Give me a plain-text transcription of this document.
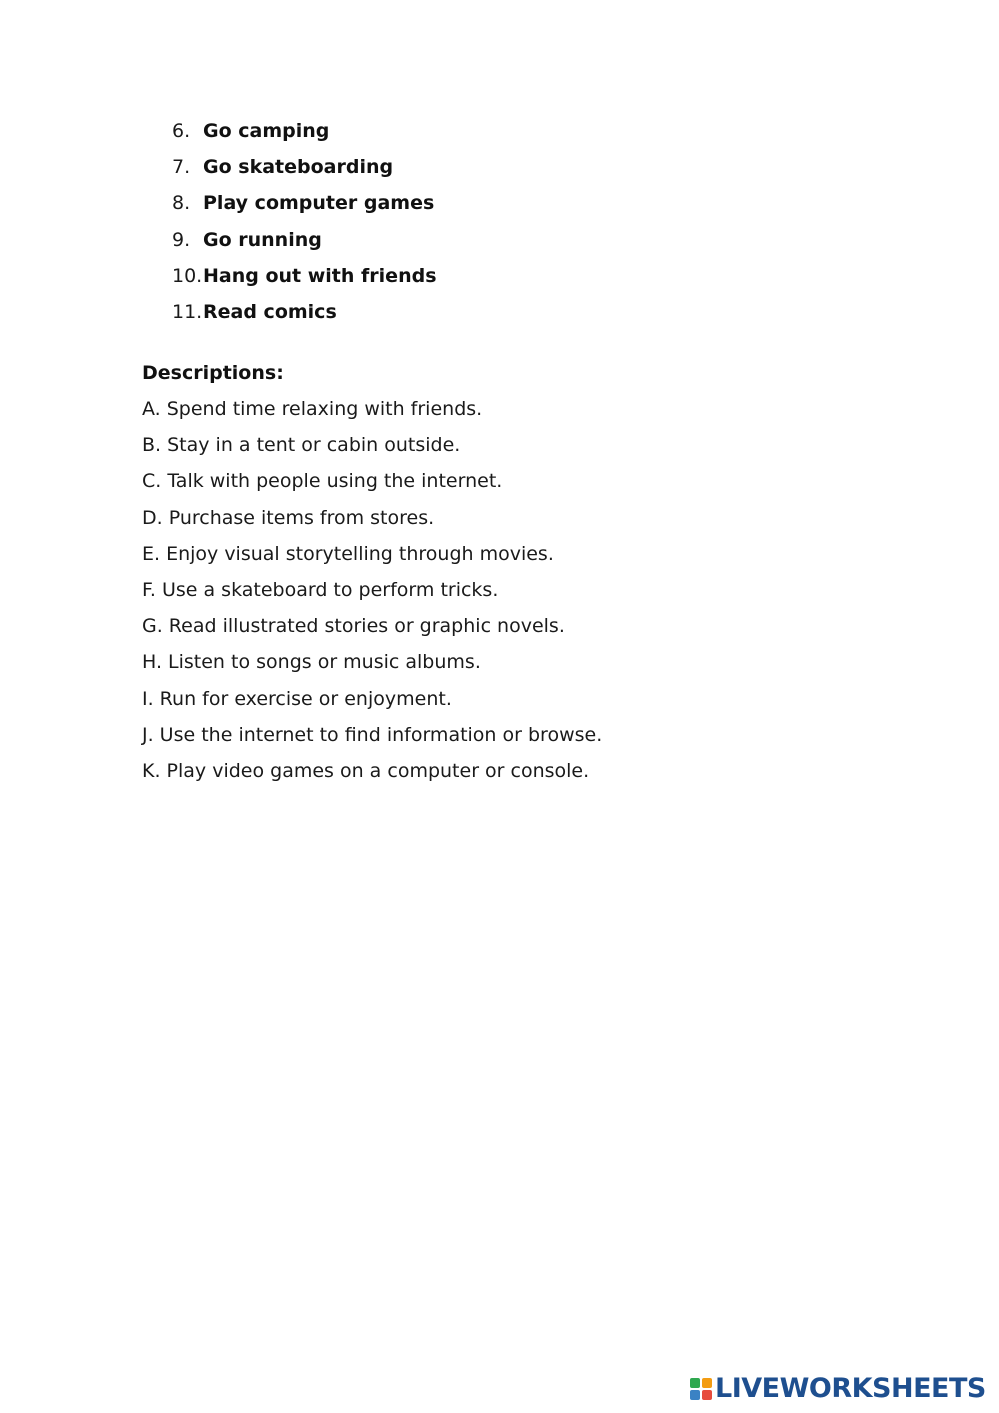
6. Go camping
7. Go skateboarding
8. Play computer games
9. Go running
10. Hang out with friends
11. Read comics
Descriptions:
A. Spend time relaxing with friends.
B. Stay in a tent or cabin outside.
C. Talk with people using the internet.
D. Purchase items from stores.
E. Enjoy visual storytelling through movies.
F. Use a skateboard to perform tricks.
G. Read illustrated stories or graphic novels.
H. Listen to songs or music albums.
I. Run for exercise or enjoyment.
J. Use the internet to find information or browse.
K. Play video games on a computer or console.
LIVEWORKSHEETS
